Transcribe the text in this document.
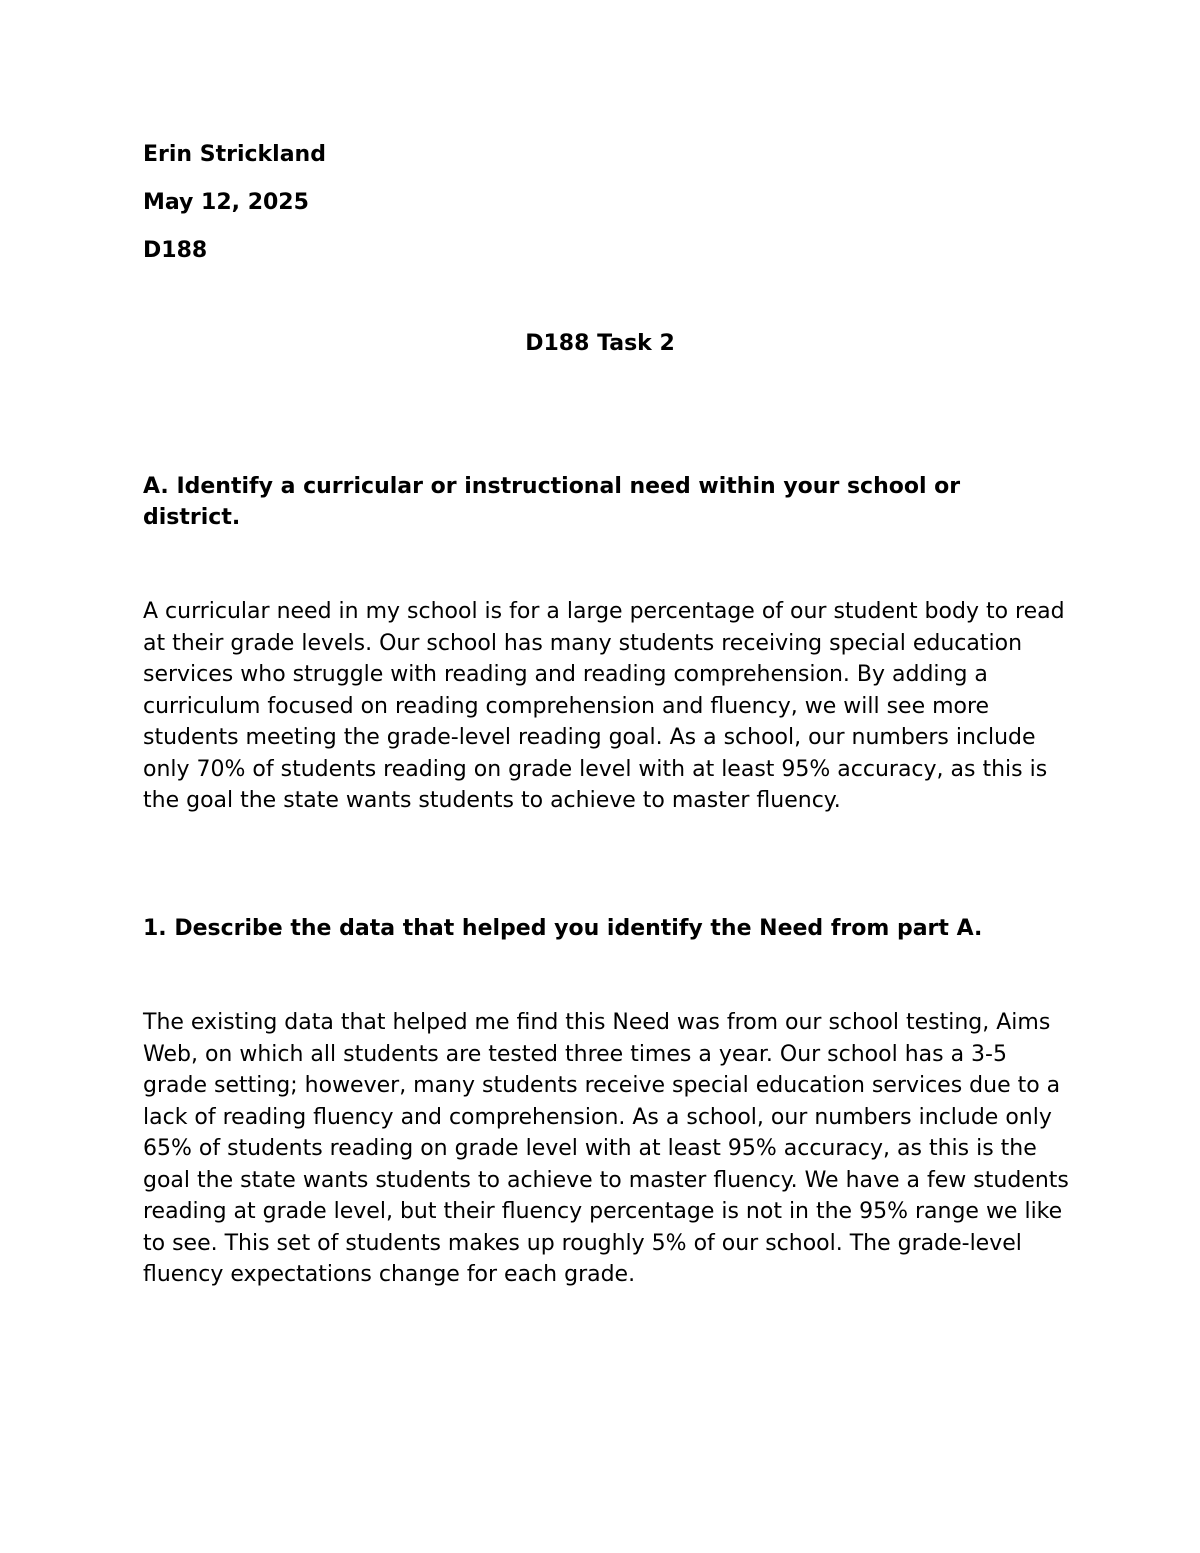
Erin Strickland

May 12, 2025

D188

D188 Task 2

A. Identify a curricular or instructional need within your school or district.

A curricular need in my school is for a large percentage of our student body to read at their grade levels. Our school has many students receiving special education services who struggle with reading and reading comprehension. By adding a curriculum focused on reading comprehension and fluency, we will see more students meeting the grade-level reading goal. As a school, our numbers include only 70% of students reading on grade level with at least 95% accuracy, as this is the goal the state wants students to achieve to master fluency.

1. Describe the data that helped you identify the Need from part A.

The existing data that helped me find this Need was from our school testing, Aims Web, on which all students are tested three times a year. Our school has a 3-5 grade setting; however, many students receive special education services due to a lack of reading fluency and comprehension. As a school, our numbers include only 65% of students reading on grade level with at least 95% accuracy, as this is the goal the state wants students to achieve to master fluency. We have a few students reading at grade level, but their fluency percentage is not in the 95% range we like to see. This set of students makes up roughly 5% of our school. The grade-level fluency expectations change for each grade.
